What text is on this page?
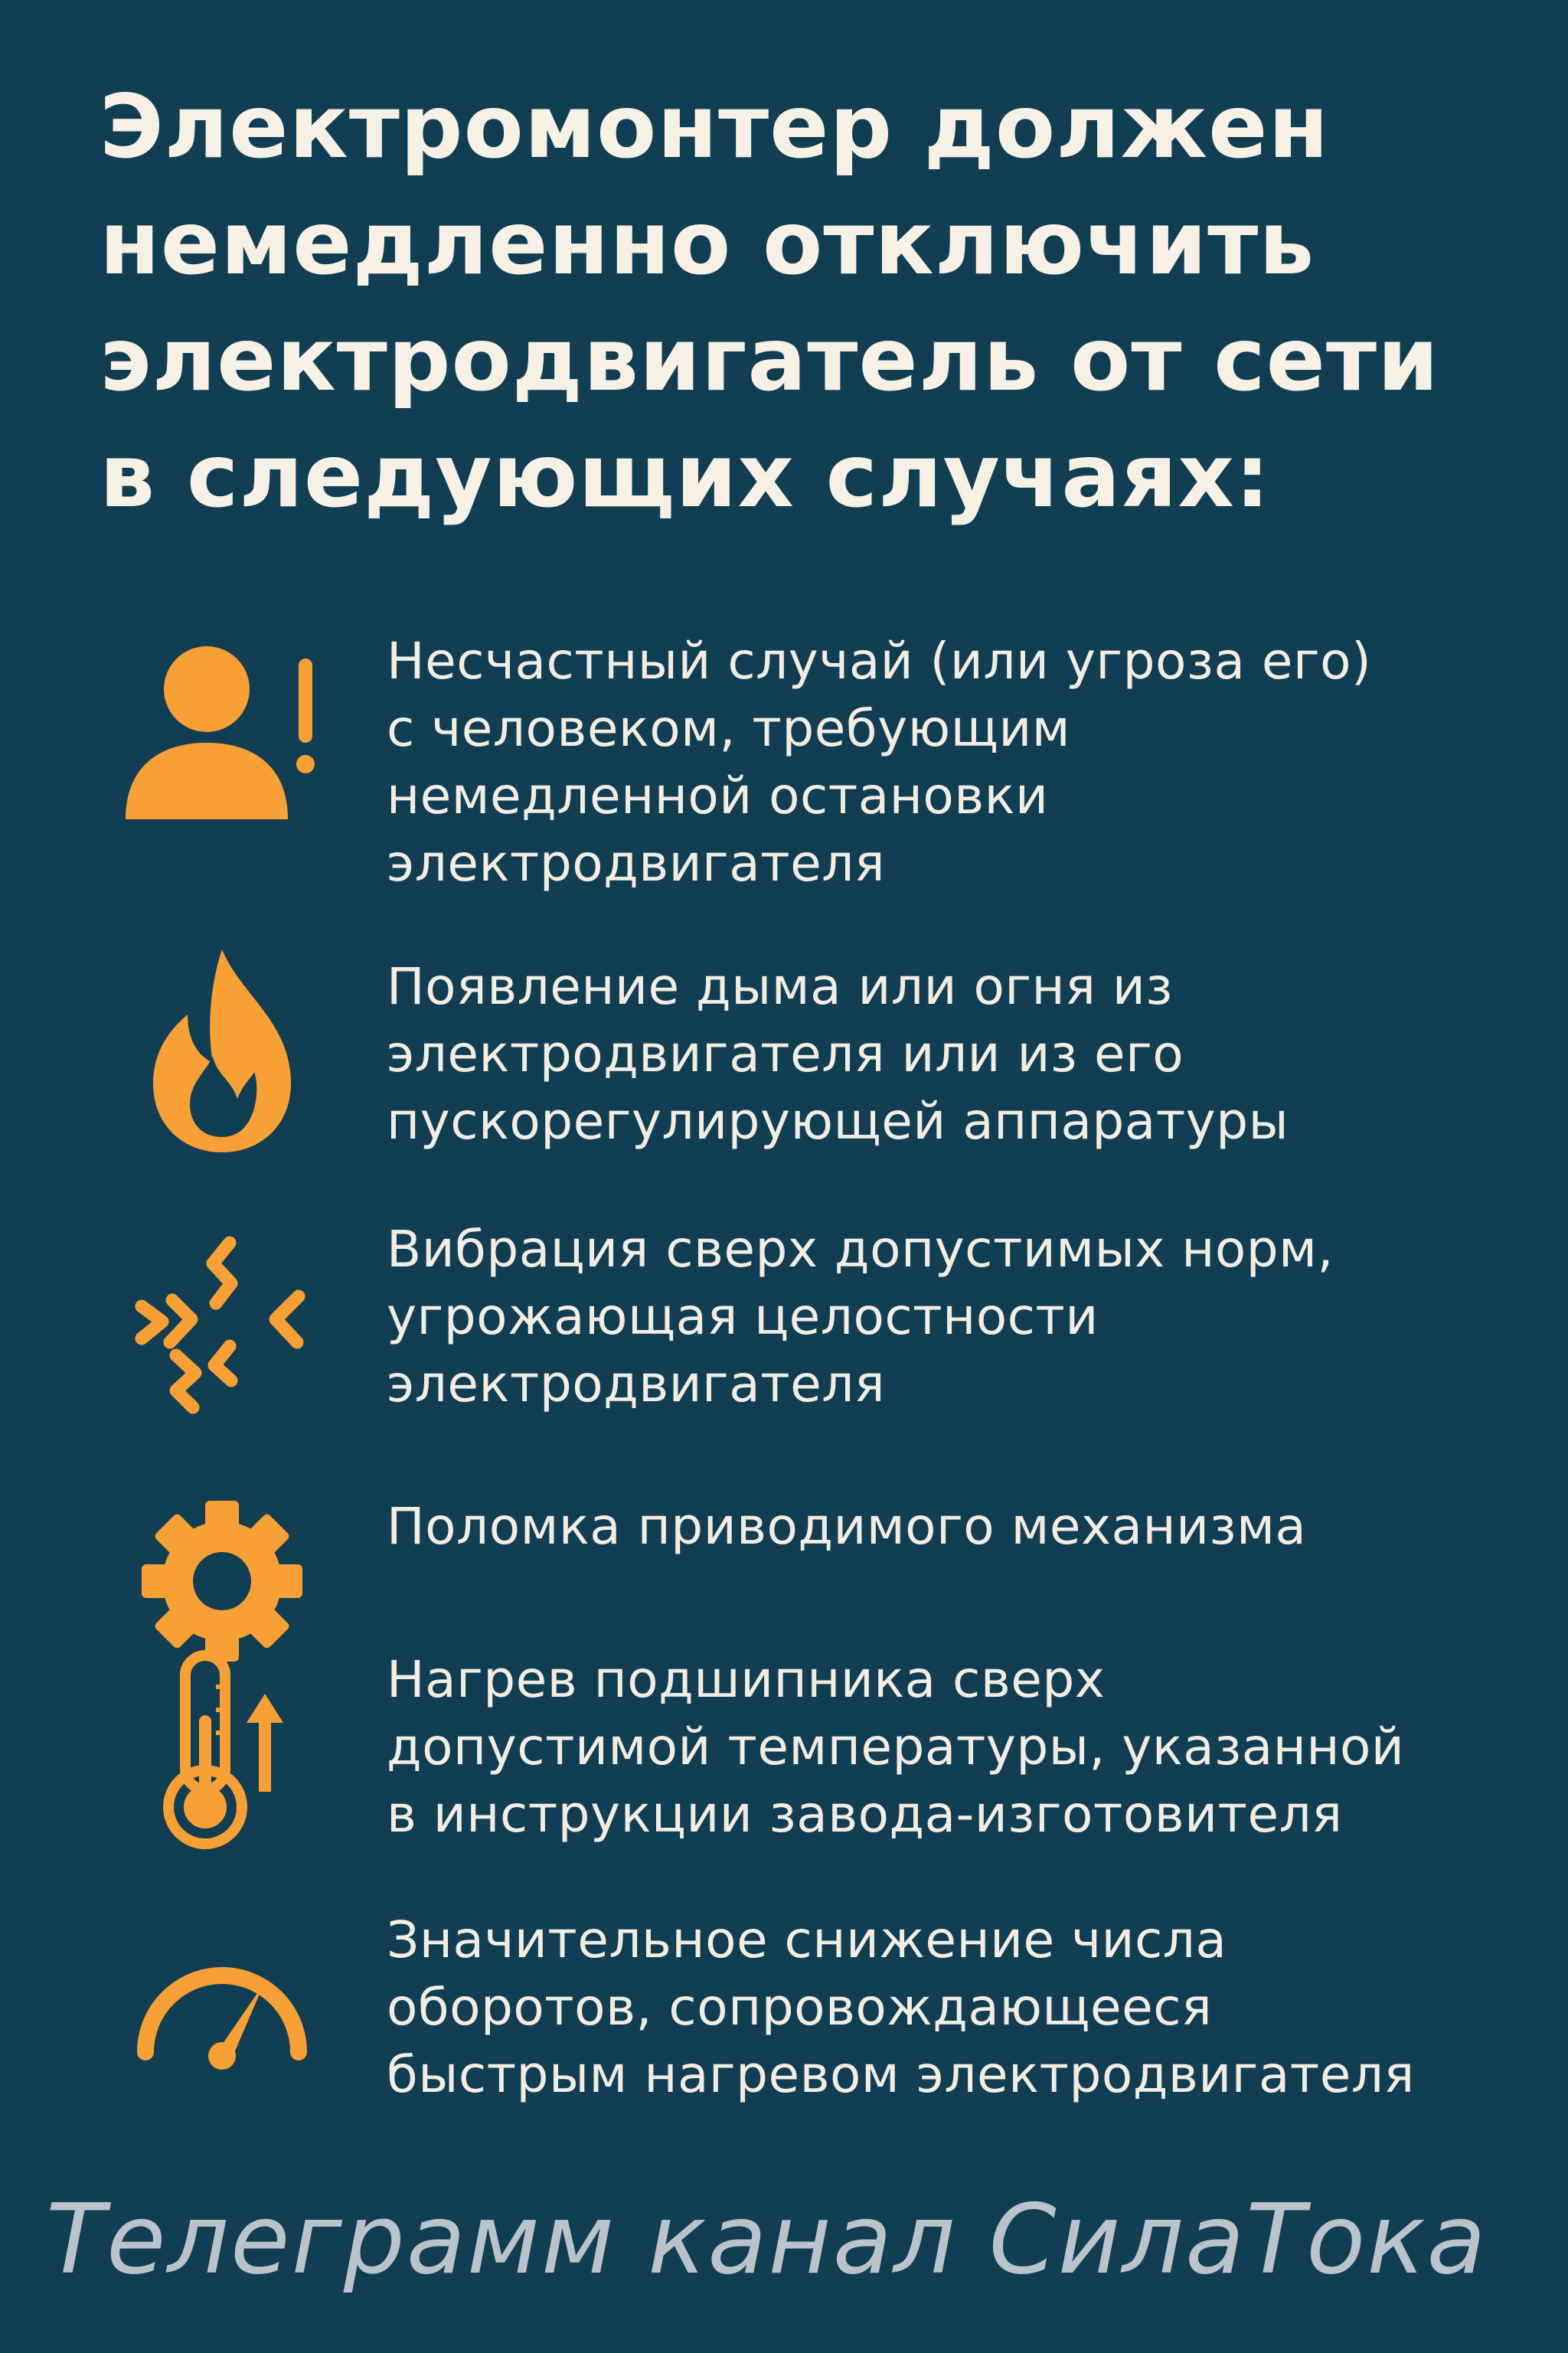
Электромонтер должен
немедленно отключить
электродвигатель от сети
в следующих случаях:
Несчастный случай (или угроза его)
с человеком, требующим
немедленной остановки
электродвигателя
Появление дыма или огня из
электродвигателя или из его
пускорегулирующей аппаратуры
Вибрация сверх допустимых норм,
угрожающая целостности
электродвигателя
Поломка приводимого механизма
Нагрев подшипника сверх
допустимой температуры, указанной
в инструкции завода-изготовителя
Значительное снижение числа
оборотов, сопровождающееся
быстрым нагревом электродвигателя
Телеграмм канал СилаТока
